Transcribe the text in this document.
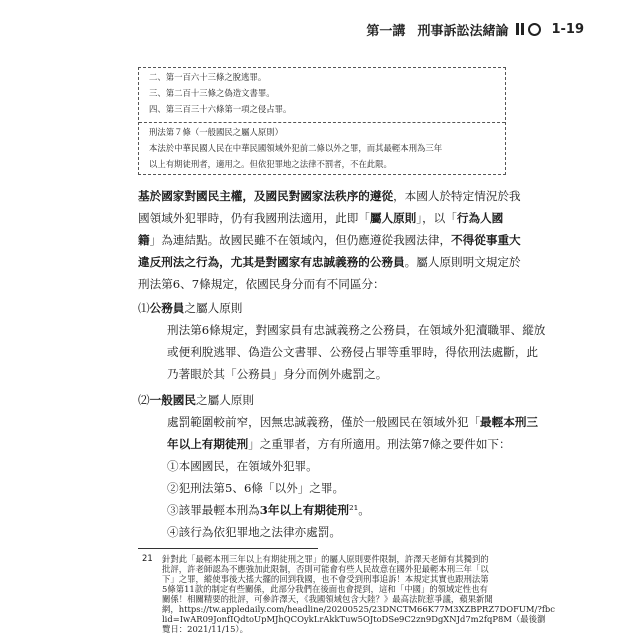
第一講 刑事訴訟法緒論	1-19
二、第一百六十三條之脫逃罪。
三、第二百十三條之偽造文書罪。
四、第三百三十六條第一項之侵占罪。
刑法第７條（一般國民之屬人原則）
本法於中華民國人民在中華民國領域外犯前二條以外之罪，而其最輕本刑為三年
以上有期徒刑者，適用之。但依犯罪地之法律不罰者，不在此限。
基於國家對國民主權，及國民對國家法秩序的遵從，本國人於特定情況於我
國領域外犯罪時，仍有我國刑法適用，此即「屬人原則」，以「行為人國
籍」為連結點。故國民雖不在領域內，但仍應遵從我國法律，不得從事重大
違反刑法之行為，尤其是對國家有忠誠義務的公務員。屬人原則明文規定於
刑法第6、7條規定，依國民身分而有不同區分：
⑴公務員之屬人原則
刑法第6條規定，對國家員有忠誠義務之公務員，在領域外犯瀆職罪、縱放
或便利脫逃罪、偽造公文書罪、公務侵占罪等重罪時，得依刑法處斷，此
乃著眼於其「公務員」身分而例外處罰之。
⑵一般國民之屬人原則
處罰範圍較前窄，因無忠誠義務，僅於一般國民在領域外犯「最輕本刑三
年以上有期徒刑」之重罪者，方有所適用。刑法第7條之要件如下：
①本國國民，在領域外犯罪。
②犯刑法第5、6條「以外」之罪。
③該罪最輕本刑為3年以上有期徒刑²¹。
④該行為依犯罪地之法律亦處罰。
21 針對此「最輕本刑三年以上有期徒刑之罪」的屬人原則要件限制，許澤天老師有其獨到的
批評，許老師認為不應強加此限制，否則可能會有些人民故意在國外犯最輕本刑三年「以
下」之罪，縱使事後大搖大擺的回到我國，也不會受到刑事追訴！本規定其實也跟刑法第
5條第11款的制定有些關係，此部分我們在後面也會提到，這和「中國」的領域定性也有
關係！相關精要的批評，可參許澤天，《我國領域包含大陸？》最高法院惹爭議，蘋果新聞
網，https://tw.appledaily.com/headline/20200525/23DNCTM66K77M3XZBPRZ7DOFUM/?fbc
lid=IwAR09JonfIQdtoUpMJhQCOykLrAkkTuw5OJtoDSe9C2zn9DgXNJd7m2fqP8M（最後瀏
覽日：2021/11/15）。
